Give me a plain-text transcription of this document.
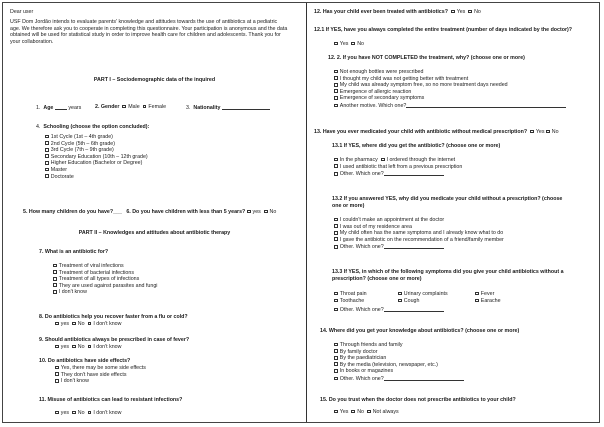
Dear user
USF Dom Jordão intends to evaluate parents' knowledge and attitudes towards the use of antibiotics at a pediatric age. We therefore ask you to cooperate in completing this questionnaire. Your participation is anonymous and the data obtained will be used for statistical study in order to improve health care for children and adolescents. Thank you for your collaboration.
PART I – Sociodemographic data of the inquired
1. Age	years	2. Gender Male Female	3. Nationality
4. Schooling (choose the option concluded):
1st Cycle (1st – 4th grade)
2nd Cycle (5th – 6th grade)
3rd Cycle (7th – 9th grade)
Secondary Education (10th – 12th grade)
Higher Education (Bachelor or Degree)
Master
Doctorate
5. How many children do you have?___ 6. Do you have children with less than 5 years? yes No
PART II – Knowledges and attitudes about antibiotic therapy
7. What is an antibiotic for?
Treatment of viral infections
Treatment of bacterial infections
Treatment of all types of infections
They are used against parasites and fungi
I don't know
8. Do antibiotics help you recover faster from a flu or cold?
yes No I don't know
9. Should antibiotics always be prescribed in case of fever?
yes No I don't know
10. Do antibiotics have side effects?
Yes, there may be some side effects
They don't have side effects
I don't know
11. Misuse of antibiotics can lead to resistant infections?
yes No I don't know
12. Has your child ever been treated with antibiotics? Yes No
12.1 If YES, have you always completed the entire treatment (number of days indicated by the doctor)?
Yes No
12. 2. If you have NOT COMPLETED the treatment, why? (choose one or more)
Not enough bottles were prescribed
I thought my child was not getting better with treatment
My child was already symptom free, so no more treatment days needed
Emergence of allergic reaction
Emergence of secondary symptoms
Another motive. Which one?
13. Have you ever medicated your child with antibiotic without medical prescription? Yes No
13.1 If YES, where did you get the antibiotic? (choose one or more)
In the pharmacy I ordered through the internet
I used antibiotic that left from a previous prescription
Other. Which one?
13.2 If you answered YES, why did you medicate your child without a prescription? (choose
one or more)
I couldn't make an appointment at the doctor
I was out of my residence area
My child often has the same symptoms and I already know what to do
I gave the antibiotic on the recommendation of a friend/family member
Other. Which one?
13.3 If YES, in which of the following symptoms did you give your child antibiotics without a
prescription? (choose one or more)
Throat pain	Urinary complaints	Fever
Toothache	Cough	Earache
Other. Which one?
14. Where did you get your knowledge about antibiotics? (choose one or more)
Through friends and family
By family doctor
By the paediatrician
By the media (television, newspaper, etc.)
In books or magazines
Other. Which one?
15. Do you trust when the doctor does not prescribe antibiotics to your child?
Yes No Not always
